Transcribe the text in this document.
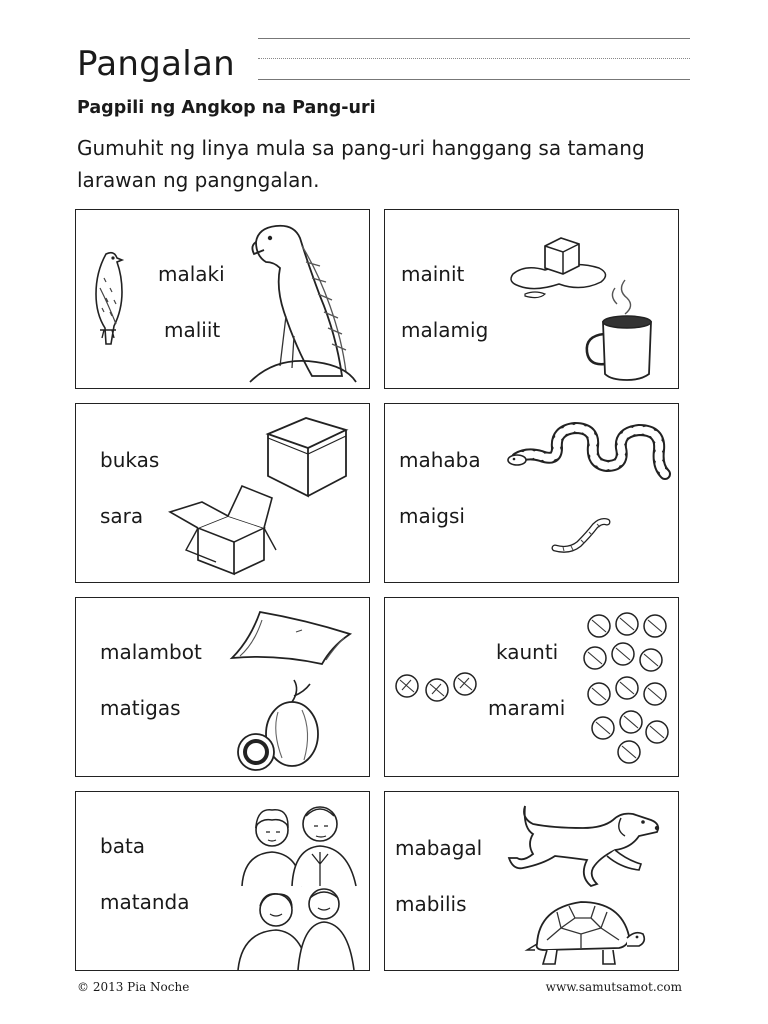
Pangalan
Pagpili ng Angkop na Pang-uri
Gumuhit ng linya mula sa pang-uri hanggang sa tamang larawan ng pangngalan.
malaki
maliit
mainit
malamig
bukas
sara
mahaba
maigsi
malambot
matigas
kaunti
marami
bata
matanda
mabagal
mabilis
© 2013 Pia Noche	www.samutsamot.com
